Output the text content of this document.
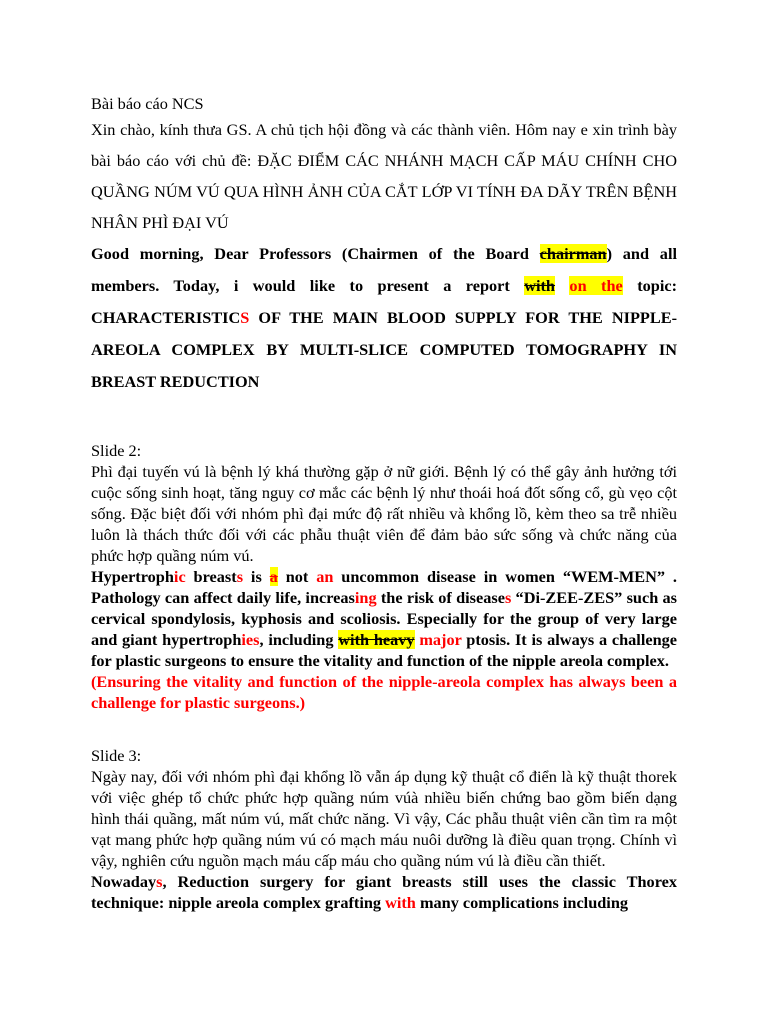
Bài báo cáo NCS

Xin chào, kính thưa GS. A chủ tịch hội đồng và các thành viên. Hôm nay e xin trình bày bài báo cáo với chủ đề: ĐẶC ĐIỂM CÁC NHÁNH MẠCH CẤP MÁU CHÍNH CHO QUẦNG NÚM VÚ QUA HÌNH ẢNH CỦA CẮT LỚP VI TÍNH ĐA DÃY TRÊN BỆNH NHÂN PHÌ ĐẠI VÚ

Good morning, Dear Professors (Chairmen of the Board chairman) and all members. Today, i would like to present a report with on the topic: CHARACTERISTICS OF THE MAIN BLOOD SUPPLY FOR THE NIPPLE- AREOLA COMPLEX BY MULTI-SLICE COMPUTED TOMOGRAPHY IN BREAST REDUCTION

Slide 2:

Phì đại tuyến vú là bệnh lý khá thường gặp ở nữ giới. Bệnh lý có thể gây ảnh hưởng tới cuộc sống sinh hoạt, tăng nguy cơ mắc các bệnh lý như thoái hoá đốt sống cổ, gù vẹo cột sống. Đặc biệt đối với nhóm phì đại mức độ rất nhiều và khổng lồ, kèm theo sa trễ nhiều luôn là thách thức đối với các phẫu thuật viên để đảm bảo sức sống và chức năng của phức hợp quầng núm vú.

Hypertrophic breasts is a not an uncommon disease in women “WEM-MEN” . Pathology can affect daily life, increasing the risk of diseases “Di-ZEE-ZES” such as cervical spondylosis, kyphosis and scoliosis. Especially for the group of very large and giant hypertrophies, including with heavy major ptosis. It is always a challenge for plastic surgeons to ensure the vitality and function of the nipple areola complex.

(Ensuring the vitality and function of the nipple-areola complex has always been a challenge for plastic surgeons.)

Slide 3:

Ngày nay, đối với nhóm phì đại khổng lồ vẫn áp dụng kỹ thuật cổ điển là kỹ thuật thorek với việc ghép tổ chức phức hợp quầng núm vúà nhiều biến chứng bao gồm biến dạng hình thái quầng, mất núm vú, mất chức năng. Vì vậy, Các phẫu thuật viên cần tìm ra một vạt mang phức hợp quầng núm vú có mạch máu nuôi dưỡng là điều quan trọng. Chính vì vậy, nghiên cứu nguồn mạch máu cấp máu cho quầng núm vú là điều cần thiết.

Nowadays, Reduction surgery for giant breasts still uses the classic Thorex technique: nipple areola complex grafting with many complications including
